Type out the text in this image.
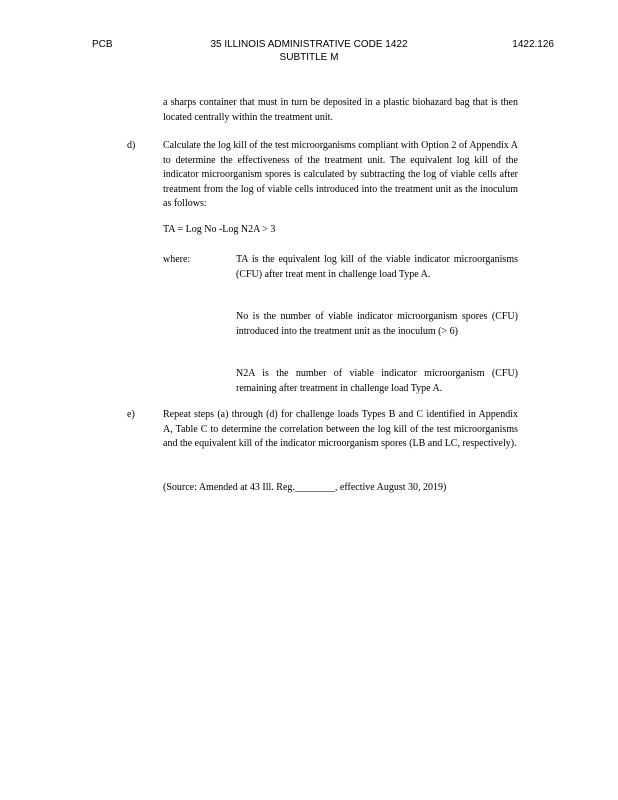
PCB	35 ILLINOIS ADMINISTRATIVE CODE 1422
SUBTITLE M
1422.126
a sharps container that must in turn be deposited in a plastic biohazard bag that is then located centrally within the treatment unit.
d)	Calculate the log kill of the test microorganisms compliant with Option 2 of Appendix A to determine the effectiveness of the treatment unit. The equivalent log kill of the indicator microorganism spores is calculated by subtracting the log of viable cells after treatment from the log of viable cells introduced into the treatment unit as the inoculum as follows:
TA = Log No -Log N2A > 3
where:	TA is the equivalent log kill of the viable indicator microorganisms (CFU) after treat ment in challenge load Type A.
No is the number of viable indicator microorganism spores (CFU) introduced into the treatment unit as the inoculum (> 6)
N2A is the number of viable indicator microorganism (CFU) remaining after treatment in challenge load Type A.
e)	Repeat steps (a) through (d) for challenge loads Types B and C identified in Appendix A, Table C to determine the correlation between the log kill of the test microorganisms and the equivalent kill of the indicator microorganism spores (LB and LC, respectively).
(Source: Amended at 43 Ill. Reg.________, effective August 30, 2019)
